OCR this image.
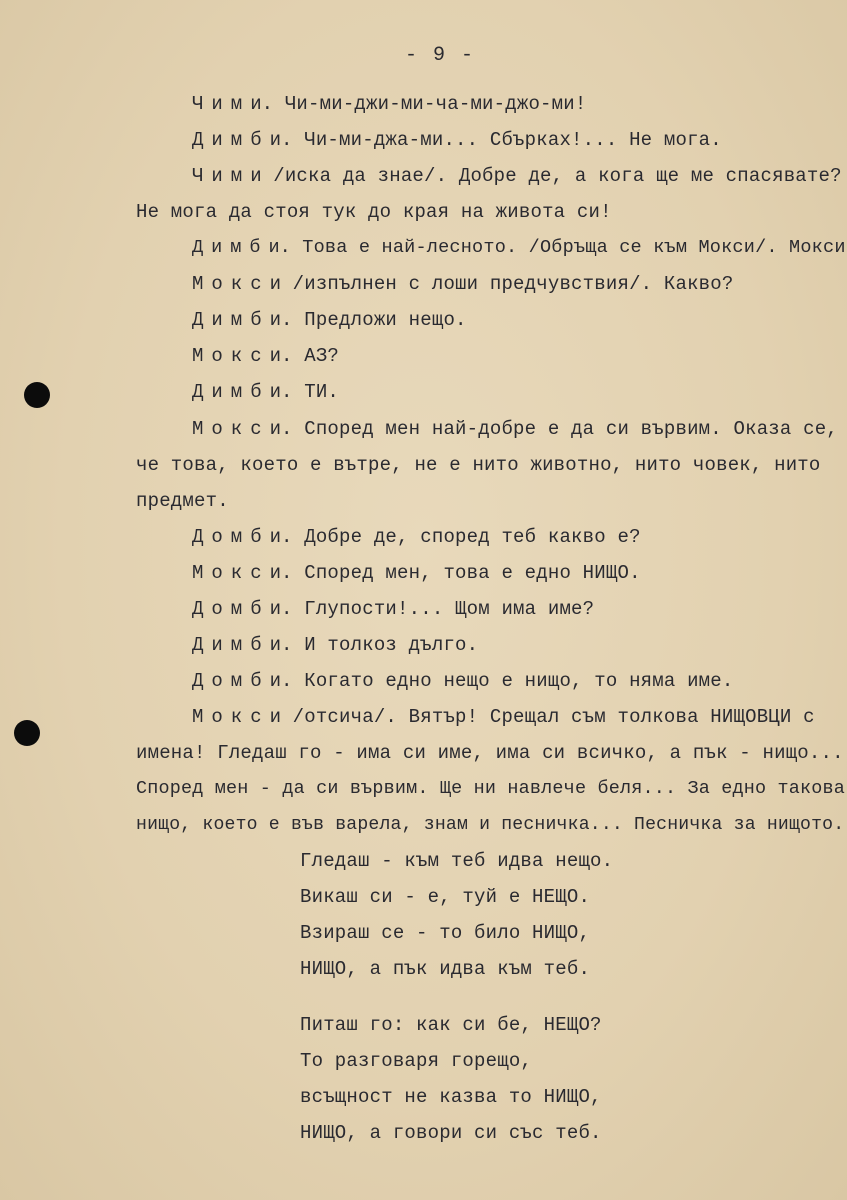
- 9 -
Чими. Чи-ми-джи-ми-ча-ми-джо-ми!
Димби. Чи-ми-джа-ми... Сбърках!... Не мога.
Чими /иска да знае/. Добре де, а кога ще ме спасявате?
Не мога да стоя тук до края на живота си!
Димби. Това е най-лесното. /Обръща се към Мокси/. Мокси
Мокси /изпълнен с лоши предчувствия/. Какво?
Димби. Предложи нещо.
Мокси. АЗ?
Димби. ТИ.
Мокси. Според мен най-добре е да си вървим. Оказа се,
че това, което е вътре, не е нито животно, нито човек, нито
предмет.
Домби. Добре де, според теб какво е?
Мокси. Според мен, това е едно НИЩО.
Домби. Глупости!... Щом има име?
Димби. И толкоз дълго.
Домби. Когато едно нещо е нищо, то няма име.
Мокси /отсича/. Вятър! Срещал съм толкова НИЩОВЦИ с
имена! Гледаш го - има си име, има си всичко, а пък - нищо...
Според мен - да си вървим. Ще ни навлече беля... За едно такова
нищо, което е във варела, знам и песничка... Песничка за нищото.
Гледаш - към теб идва нещо.
Викаш си - е, туй е НЕЩО.
Взираш се - то било НИЩО,
НИЩО, а пък идва към теб.
Питаш го: как си бе, НЕЩО?
То разговаря горещо,
всъщност не казва то НИЩО,
НИЩО, а говори си със теб.
